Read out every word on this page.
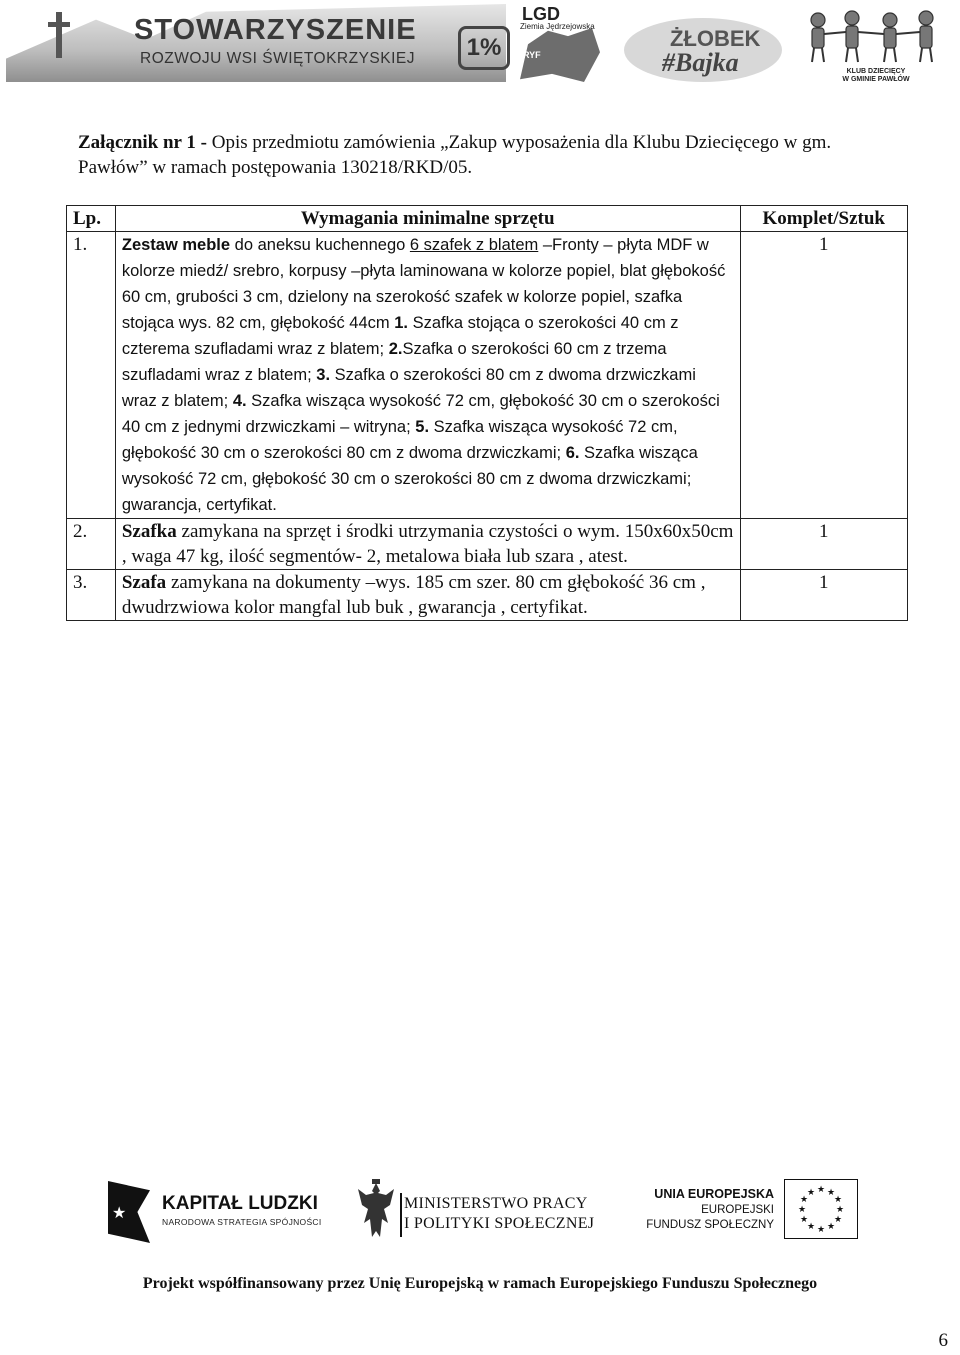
STOWARZYSZENIE
ROZWOJU WSI ŚWIĘTOKRZYSKIEJ	1%
LGD
Ziemia Jędrzejowska
GRYF
ŻŁOBEK
#Bajka	KLUB DZIECIĘCY
W GMINIE PAWŁÓW
Załącznik nr 1 - Opis przedmiotu zamówienia „Zakup wyposażenia dla Klubu Dziecięcego w gm. Pawłów” w ramach postępowania 130218/RKD/05.
Lp.	Wymagania minimalne sprzętu	Komplet/Sztuk
1.	Zestaw meble do aneksu kuchennego 6 szafek z blatem –Fronty – płyta MDF w kolorze miedź/ srebro, korpusy –płyta laminowana w kolorze popiel, blat głębokość 60 cm, grubości 3 cm, dzielony na szerokość szafek w kolorze popiel, szafka stojąca wys. 82 cm, głębokość 44cm 1. Szafka stojąca o szerokości 40 cm z czterema szufladami wraz z blatem; 2.Szafka o szerokości 60 cm z trzema szufladami wraz z blatem; 3. Szafka o szerokości 80 cm z dwoma drzwiczkami wraz z blatem; 4. Szafka wisząca wysokość 72 cm, głębokość 30 cm o szerokości 40 cm z jednymi drzwiczkami – witryna; 5. Szafka wisząca wysokość 72 cm, głębokość 30 cm o szerokości 80 cm z dwoma drzwiczkami; 6. Szafka wisząca wysokość 72 cm, głębokość 30 cm o szerokości 80 cm z dwoma drzwiczkami; gwarancja, certyfikat.	1
2.	Szafka zamykana na sprzęt i środki utrzymania czystości o wym. 150x60x50cm , waga 47 kg, ilość segmentów- 2, metalowa biała lub szara , atest.	1
3.	Szafa zamykana na dokumenty –wys. 185 cm szer. 80 cm głębokość 36 cm , dwudrzwiowa kolor mangfal lub buk , gwarancja , certyfikat.	1
★ KAPITAŁ LUDZKI
NARODOWA STRATEGIA SPÓJNOŚCI
MINISTERSTWO PRACY
I POLITYKI SPOŁECZNEJ
UNIA EUROPEJSKA
EUROPEJSKI
FUNDUSZ SPOŁECZNY
★ ★
★
★
★
★
★
★
★
★
★
★
Projekt współfinansowany przez Unię Europejską w ramach Europejskiego Funduszu Społecznego
6
